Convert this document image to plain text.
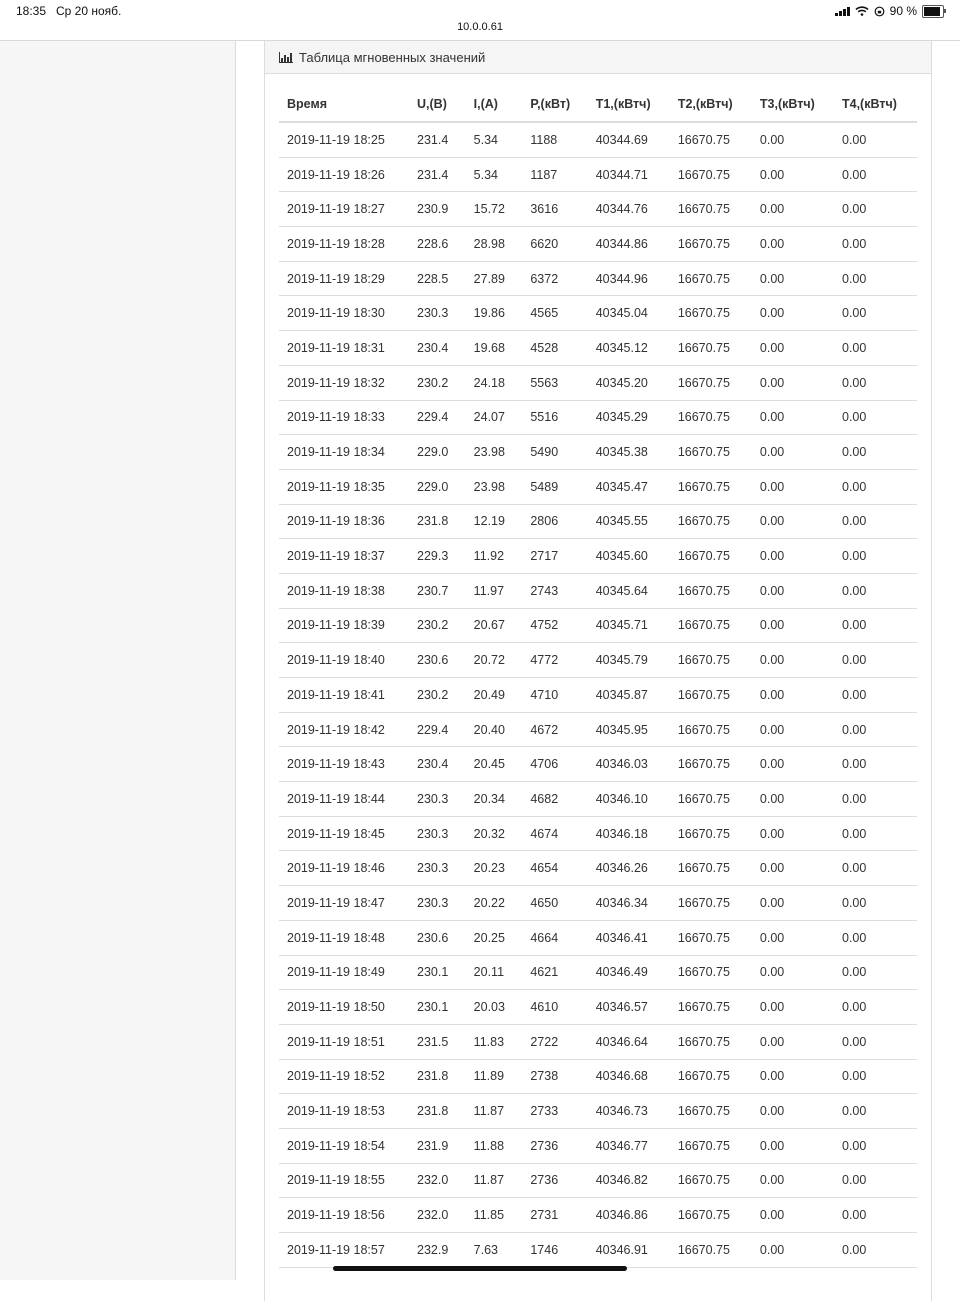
18:35 Ср 20 нояб.	90 %
10.0.0.61
Таблица мгновенных значений
Время	U,(В)	I,(A)	P,(кВт)	T1,(кВтч)	T2,(кВтч)	T3,(кВтч)	T4,(кВтч)
2019-11-19 18:25	231.4	5.34	1188	40344.69	16670.75	0.00	0.00
2019-11-19 18:26	231.4	5.34	1187	40344.71	16670.75	0.00	0.00
2019-11-19 18:27	230.9	15.72	3616	40344.76	16670.75	0.00	0.00
2019-11-19 18:28	228.6	28.98	6620	40344.86	16670.75	0.00	0.00
2019-11-19 18:29	228.5	27.89	6372	40344.96	16670.75	0.00	0.00
2019-11-19 18:30	230.3	19.86	4565	40345.04	16670.75	0.00	0.00
2019-11-19 18:31	230.4	19.68	4528	40345.12	16670.75	0.00	0.00
2019-11-19 18:32	230.2	24.18	5563	40345.20	16670.75	0.00	0.00
2019-11-19 18:33	229.4	24.07	5516	40345.29	16670.75	0.00	0.00
2019-11-19 18:34	229.0	23.98	5490	40345.38	16670.75	0.00	0.00
2019-11-19 18:35	229.0	23.98	5489	40345.47	16670.75	0.00	0.00
2019-11-19 18:36	231.8	12.19	2806	40345.55	16670.75	0.00	0.00
2019-11-19 18:37	229.3	11.92	2717	40345.60	16670.75	0.00	0.00
2019-11-19 18:38	230.7	11.97	2743	40345.64	16670.75	0.00	0.00
2019-11-19 18:39	230.2	20.67	4752	40345.71	16670.75	0.00	0.00
2019-11-19 18:40	230.6	20.72	4772	40345.79	16670.75	0.00	0.00
2019-11-19 18:41	230.2	20.49	4710	40345.87	16670.75	0.00	0.00
2019-11-19 18:42	229.4	20.40	4672	40345.95	16670.75	0.00	0.00
2019-11-19 18:43	230.4	20.45	4706	40346.03	16670.75	0.00	0.00
2019-11-19 18:44	230.3	20.34	4682	40346.10	16670.75	0.00	0.00
2019-11-19 18:45	230.3	20.32	4674	40346.18	16670.75	0.00	0.00
2019-11-19 18:46	230.3	20.23	4654	40346.26	16670.75	0.00	0.00
2019-11-19 18:47	230.3	20.22	4650	40346.34	16670.75	0.00	0.00
2019-11-19 18:48	230.6	20.25	4664	40346.41	16670.75	0.00	0.00
2019-11-19 18:49	230.1	20.11	4621	40346.49	16670.75	0.00	0.00
2019-11-19 18:50	230.1	20.03	4610	40346.57	16670.75	0.00	0.00
2019-11-19 18:51	231.5	11.83	2722	40346.64	16670.75	0.00	0.00
2019-11-19 18:52	231.8	11.89	2738	40346.68	16670.75	0.00	0.00
2019-11-19 18:53	231.8	11.87	2733	40346.73	16670.75	0.00	0.00
2019-11-19 18:54	231.9	11.88	2736	40346.77	16670.75	0.00	0.00
2019-11-19 18:55	232.0	11.87	2736	40346.82	16670.75	0.00	0.00
2019-11-19 18:56	232.0	11.85	2731	40346.86	16670.75	0.00	0.00
2019-11-19 18:57	232.9	7.63	1746	40346.91	16670.75	0.00	0.00
